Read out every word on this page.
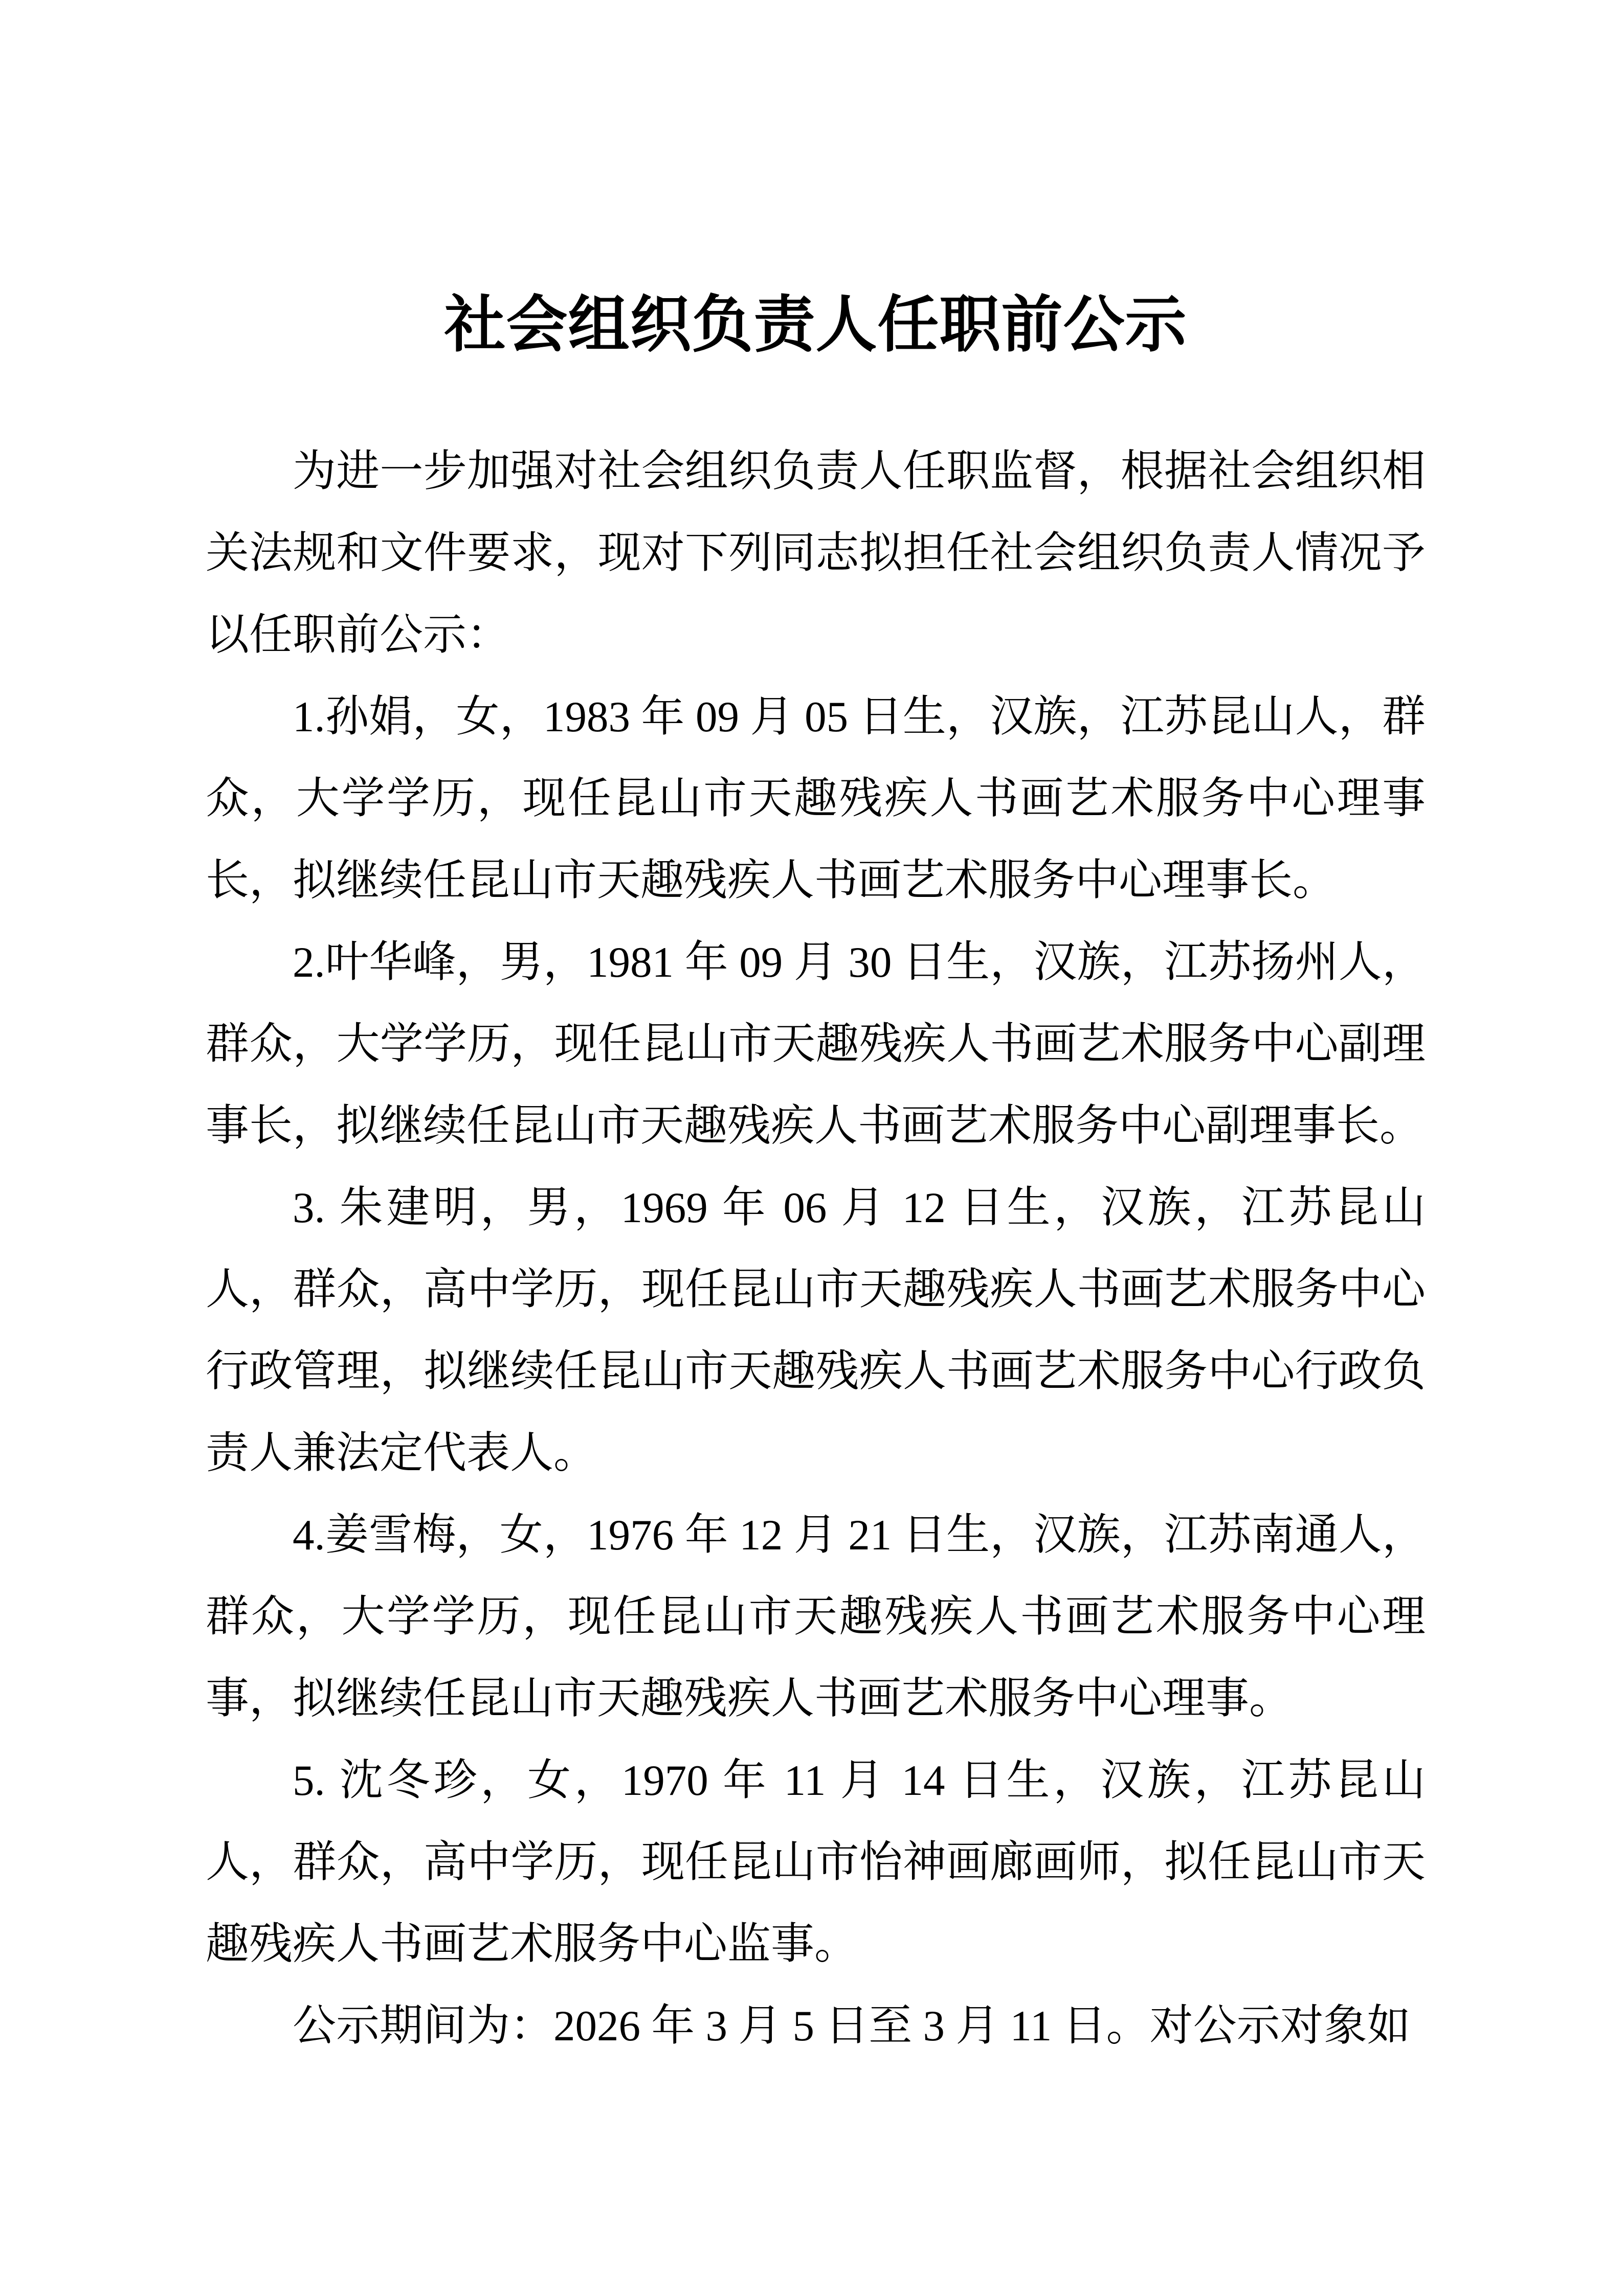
社会组织负责人任职前公示

为进一步加强对社会组织负责人任职监督，根据社会组织相关法规和文件要求，现对下列同志拟担任社会组织负责人情况予以任职前公示：

1.孙娟，女，1983 年 09 月 05 日生，汉族，江苏昆山人，群众，大学学历，现任昆山市天趣残疾人书画艺术服务中心理事长，拟继续任昆山市天趣残疾人书画艺术服务中心理事长。

2.叶华峰，男，1981 年 09 月 30 日生，汉族，江苏扬州人，群众，大学学历，现任昆山市天趣残疾人书画艺术服务中心副理事长，拟继续任昆山市天趣残疾人书画艺术服务中心副理事长。

3. 朱建明，男，1969 年 06 月 12 日生，汉族，江苏昆山人，群众，高中学历，现任昆山市天趣残疾人书画艺术服务中心行政管理，拟继续任昆山市天趣残疾人书画艺术服务中心行政负责人兼法定代表人。

4.姜雪梅，女，1976 年 12 月 21 日生，汉族，江苏南通人，群众，大学学历，现任昆山市天趣残疾人书画艺术服务中心理事，拟继续任昆山市天趣残疾人书画艺术服务中心理事。

5. 沈冬珍，女，1970 年 11 月 14 日生，汉族，江苏昆山人，群众，高中学历，现任昆山市怡神画廊画师，拟任昆山市天趣残疾人书画艺术服务中心监事。

公示期间为：2026 年 3 月 5 日至 3 月 11 日。对公示对象如
